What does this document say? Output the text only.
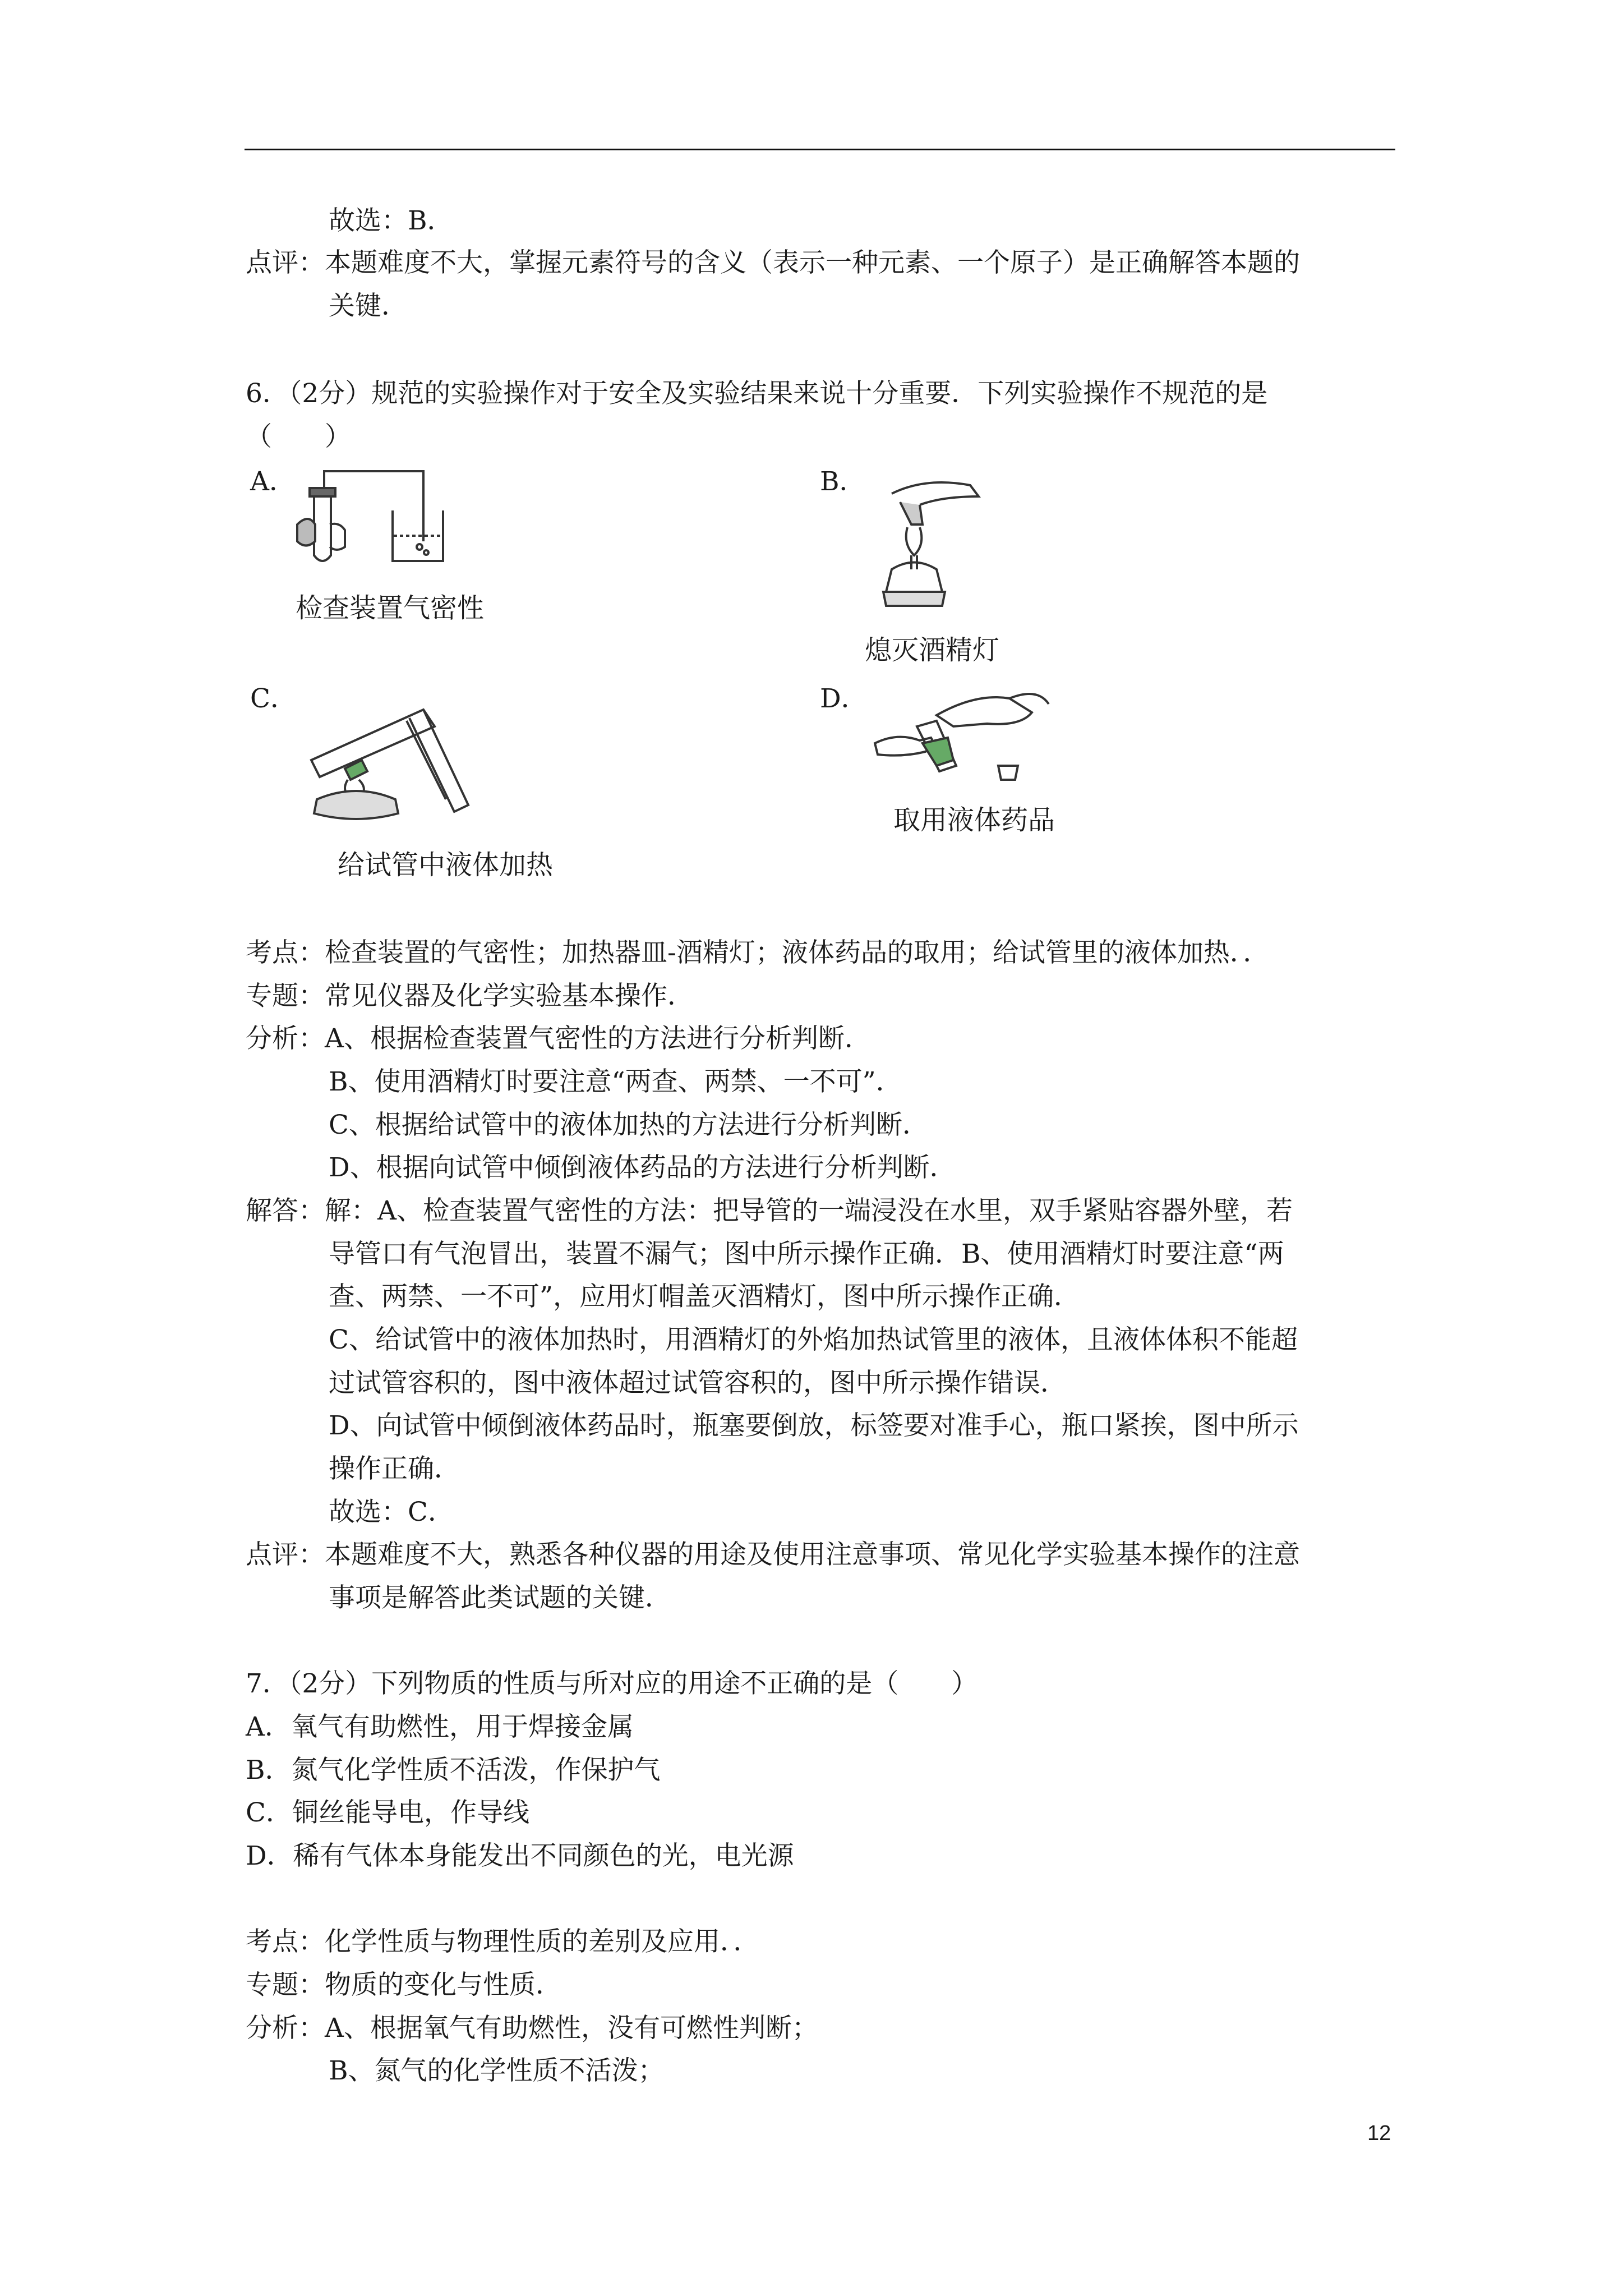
故选：B．
点评：本题难度不大，掌握元素符号的含义（表示一种元素、一个原子）是正确解答本题的
关键．
6．（2分）规范的实验操作对于安全及实验结果来说十分重要．下列实验操作不规范的是
（　　）
A．
检查装置气密性
B．
熄灭酒精灯
C．
给试管中液体加热
D．
取用液体药品
考点：检查装置的气密性；加热器皿-酒精灯；液体药品的取用；给试管里的液体加热．．
专题：常见仪器及化学实验基本操作．
分析：A、根据检查装置气密性的方法进行分析判断．
B、使用酒精灯时要注意“两查、两禁、一不可”．
C、根据给试管中的液体加热的方法进行分析判断．
D、根据向试管中倾倒液体药品的方法进行分析判断．
解答：解：A、检查装置气密性的方法：把导管的一端浸没在水里，双手紧贴容器外壁，若
导管口有气泡冒出，装置不漏气；图中所示操作正确．B、使用酒精灯时要注意“两
查、两禁、一不可”，应用灯帽盖灭酒精灯，图中所示操作正确．
C、给试管中的液体加热时，用酒精灯的外焰加热试管里的液体，且液体体积不能超
过试管容积的，图中液体超过试管容积的，图中所示操作错误．
D、向试管中倾倒液体药品时，瓶塞要倒放，标签要对准手心，瓶口紧挨，图中所示
操作正确．
故选：C．
点评：本题难度不大，熟悉各种仪器的用途及使用注意事项、常见化学实验基本操作的注意
事项是解答此类试题的关键．
7．（2分）下列物质的性质与所对应的用途不正确的是（　　）
A．氧气有助燃性，用于焊接金属
B．氮气化学性质不活泼，作保护气
C．铜丝能导电，作导线
D．稀有气体本身能发出不同颜色的光，电光源
考点：化学性质与物理性质的差别及应用．．
专题：物质的变化与性质．
分析：A、根据氧气有助燃性，没有可燃性判断；
B、氮气的化学性质不活泼；
12
